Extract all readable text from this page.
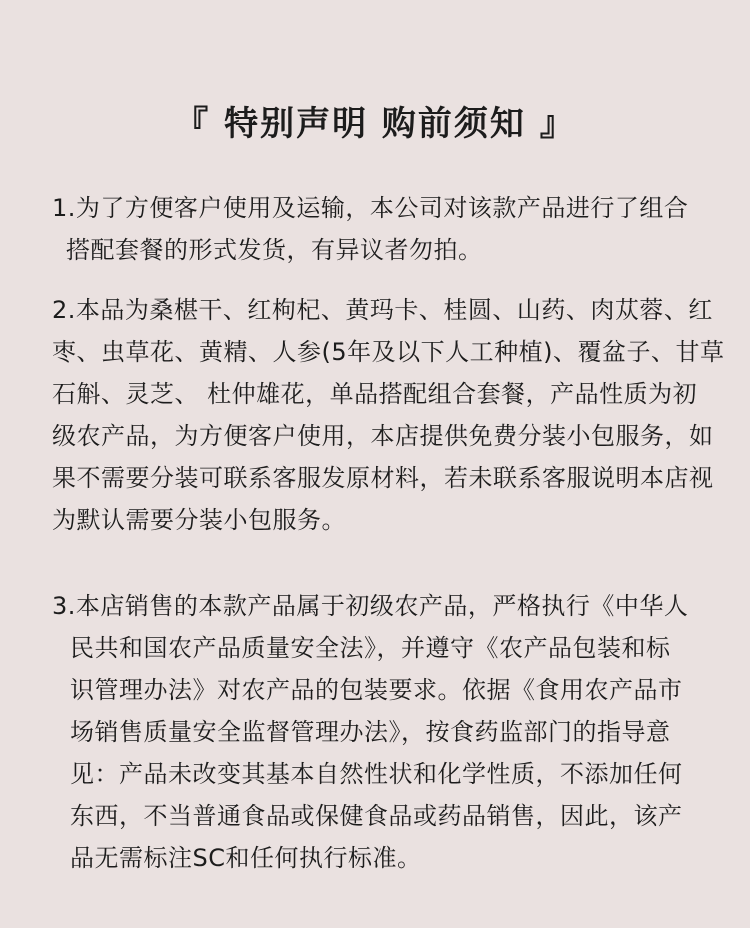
『 特别声明 购前须知 』
1.为了方便客户使用及运输，本公司对该款产品进行了组合
搭配套餐的形式发货，有异议者勿拍。
2.本品为桑椹干、红枸杞、黄玛卡、桂圆、山药、肉苁蓉、红
枣、虫草花、黄精、人参(5年及以下人工种植)、覆盆子、甘草
石斛、灵芝、 杜仲雄花，单品搭配组合套餐，产品性质为初
级农产品，为方便客户使用，本店提供免费分装小包服务，如
果不需要分装可联系客服发原材料，若未联系客服说明本店视
为默认需要分装小包服务。
3.本店销售的本款产品属于初级农产品，严格执行《中华人
民共和国农产品质量安全法》，并遵守《农产品包装和标
识管理办法》对农产品的包装要求。依据《食用农产品市
场销售质量安全监督管理办法》，按食药监部门的指导意
见：产品未改变其基本自然性状和化学性质，不添加任何
东西，不当普通食品或保健食品或药品销售，因此，该产
品无需标注SC和任何执行标准。
